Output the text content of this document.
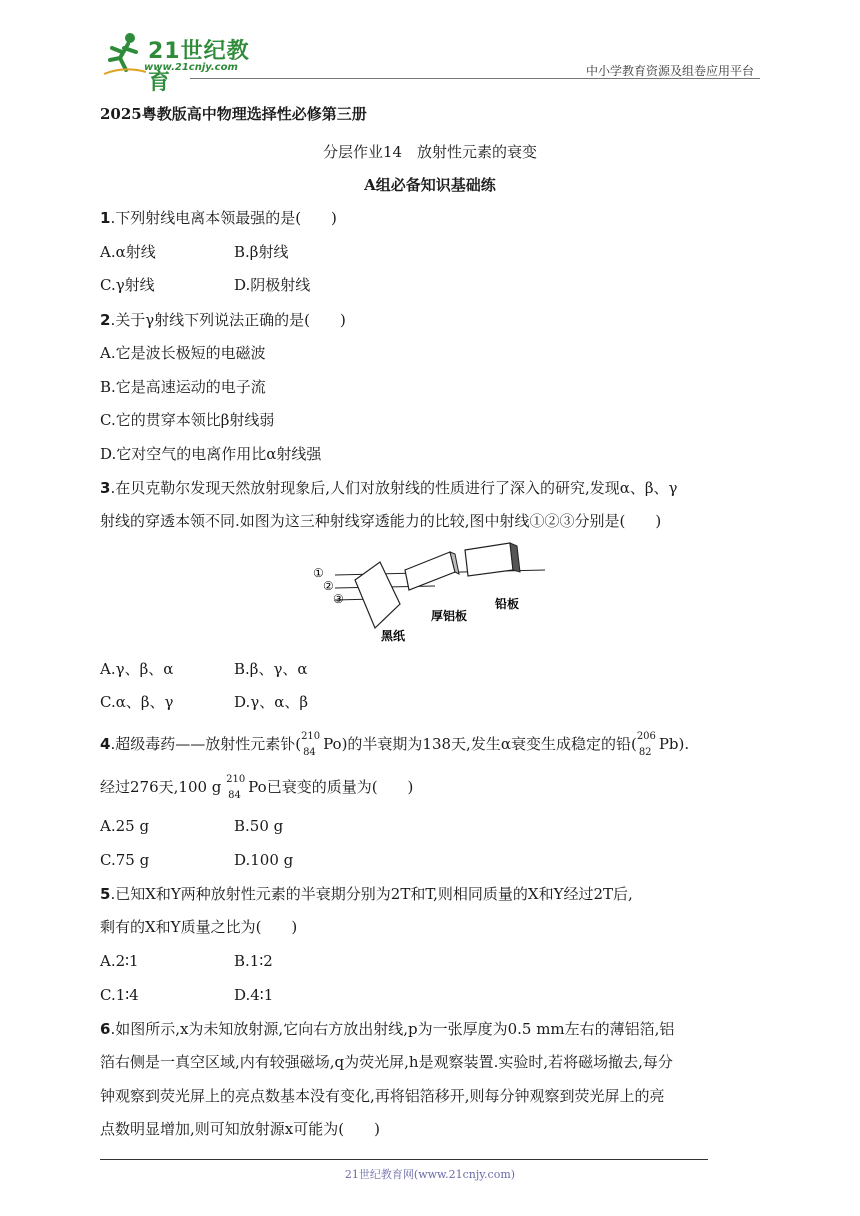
21世纪教育
www.21cnjy.com	中小学教育资源及组卷应用平台
2025粤教版高中物理选择性必修第三册
分层作业14　放射性元素的衰变
A组必备知识基础练
1.下列射线电离本领最强的是(　　)
A.α射线	B.β射线
C.γ射线	D.阴极射线
2.关于γ射线下列说法正确的是(　　)
A.它是波长极短的电磁波
B.它是高速运动的电子流
C.它的贯穿本领比β射线弱
D.它对空气的电离作用比α射线强
3.在贝克勒尔发现天然放射现象后,人们对放射线的性质进行了深入的研究,发现α、β、γ
射线的穿透本领不同.如图为这三种射线穿透能力的比较,图中射线①②③分别是(　　)
①
②
③
黑纸
厚铝板
铅板
A.γ、β、α	B.β、γ、α
C.α、β、γ	D.γ、α、β
4.超级毒药——放射性元素钋( 210
84 Po)的半衰期为138天,发生α衰变生成稳定的铅( 206
82 Pb).
经过276天,100 g 210
84 Po已衰变的质量为(　　)
A.25 g	B.50 g
C.75 g	D.100 g
5.已知X和Y两种放射性元素的半衰期分别为2T和T,则相同质量的X和Y经过2T后,
剩有的X和Y质量之比为(　　)
A.2∶1	B.1∶2
C.1∶4	D.4∶1
6.如图所示,x为未知放射源,它向右方放出射线,p为一张厚度为0.5 mm左右的薄铝箔,铝
箔右侧是一真空区域,内有较强磁场,q为荧光屏,h是观察装置.实验时,若将磁场撤去,每分
钟观察到荧光屏上的亮点数基本没有变化,再将铝箔移开,则每分钟观察到荧光屏上的亮
点数明显增加,则可知放射源x可能为(　　)
21世纪教育网(www.21cnjy.com)
